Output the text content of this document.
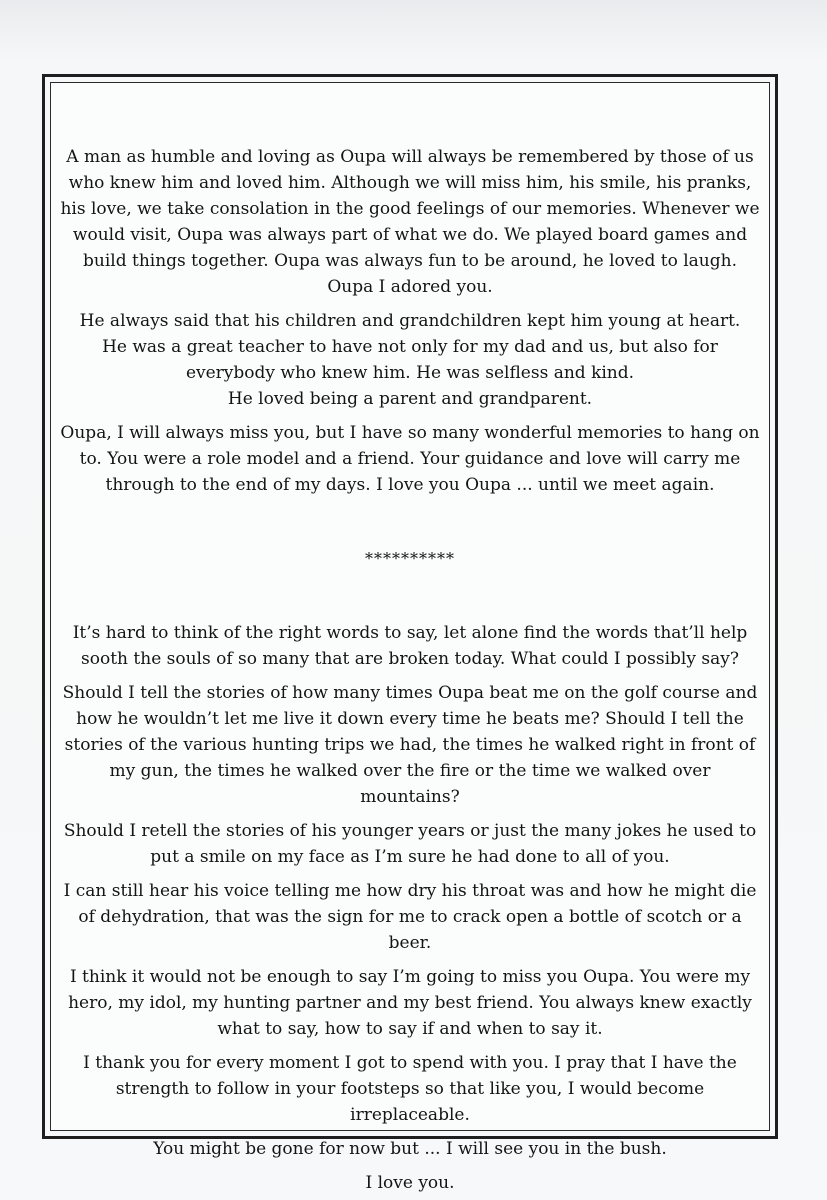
A man as humble and loving as Oupa will always be remembered by those of us who knew him and loved him. Although we will miss him, his smile, his pranks, his love, we take consolation in the good feelings of our memories. Whenever we would visit, Oupa was always part of what we do. We played board games and build things together. Oupa was always fun to be around, he loved to laugh. Oupa I adored you.

He always said that his children and grandchildren kept him young at heart.
He was a great teacher to have not only for my dad and us, but also for everybody who knew him. He was selfless and kind.
He loved being a parent and grandparent.

Oupa, I will always miss you, but I have so many wonderful memories to hang on to. You were a role model and a friend. Your guidance and love will carry me through to the end of my days. I love you Oupa ... until we meet again.

**********

It’s hard to think of the right words to say, let alone find the words that’ll help sooth the souls of so many that are broken today. What could I possibly say?

Should I tell the stories of how many times Oupa beat me on the golf course and how he wouldn’t let me live it down every time he beats me? Should I tell the stories of the various hunting trips we had, the times he walked right in front of my gun, the times he walked over the fire or the time we walked over mountains?

Should I retell the stories of his younger years or just the many jokes he used to put a smile on my face as I’m sure he had done to all of you.

I can still hear his voice telling me how dry his throat was and how he might die of dehydration, that was the sign for me to crack open a bottle of scotch or a beer.

I think it would not be enough to say I’m going to miss you Oupa. You were my hero, my idol, my hunting partner and my best friend. You always knew exactly what to say, how to say if and when to say it.

I thank you for every moment I got to spend with you. I pray that I have the strength to follow in your footsteps so that like you, I would become irreplaceable.

You might be gone for now but ... I will see you in the bush.

I love you.
